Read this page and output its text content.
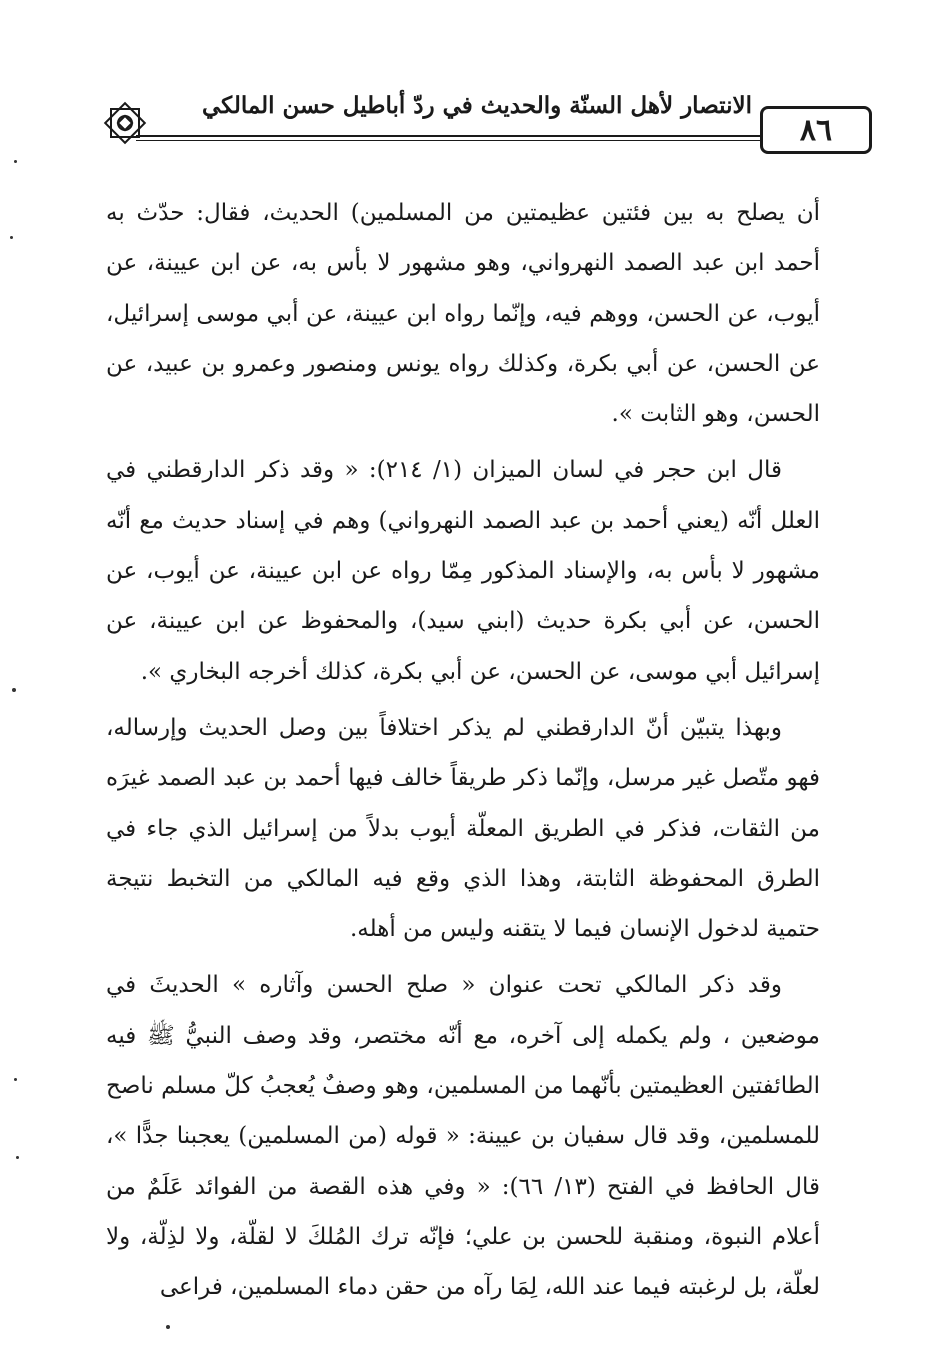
الانتصار لأهل السنّة والحديث في ردّ أباطيل حسن المالكي
٨٦

أن يصلح به بين فئتين عظيمتين من المسلمين) الحديث، فقال: حدّث به أحمد ابن عبد الصمد النهرواني، وهو مشهور لا بأس به، عن ابن عيينة، عن أيوب، عن الحسن، ووهم فيه، وإنّما رواه ابن عيينة، عن أبي موسى إسرائيل، عن الحسن، عن أبي بكرة، وكذلك رواه يونس ومنصور وعمرو بن عبيد، عن الحسن، وهو الثابت ».

قال ابن حجر في لسان الميزان (١/ ٢١٤): « وقد ذكر الدارقطني في العلل أنّه (يعني أحمد بن عبد الصمد النهرواني) وهم في إسناد حديث مع أنّه مشهور لا بأس به، والإسناد المذكور مِمّا رواه عن ابن عيينة، عن أيوب، عن الحسن، عن أبي بكرة حديث (ابني سيد)، والمحفوظ عن ابن عيينة، عن إسرائيل أبي موسى، عن الحسن، عن أبي بكرة، كذلك أخرجه البخاري ».

وبهذا يتبيّن أنّ الدارقطني لم يذكر اختلافاً بين وصل الحديث وإرساله، فهو متّصل غير مرسل، وإنّما ذكر طريقاً خالف فيها أحمد بن عبد الصمد غيرَه من الثقات، فذكر في الطريق المعلّة أيوب بدلاً من إسرائيل الذي جاء في الطرق المحفوظة الثابتة، وهذا الذي وقع فيه المالكي من التخبط نتيجة حتمية لدخول الإنسان فيما لا يتقنه وليس من أهله.

وقد ذكر المالكي تحت عنوان « صلح الحسن وآثاره » الحديثَ في موضعين ، ولم يكمله إلى آخره، مع أنّه مختصر، وقد وصف النبيُّ ﷺ فيه الطائفتين العظيمتين بأنّهما من المسلمين، وهو وصفٌ يُعجبُ كلّ مسلم ناصح للمسلمين، وقد قال سفيان بن عيينة: « قوله (من المسلمين) يعجبنا جدًّا »، قال الحافظ في الفتح (١٣/ ٦٦): « وفي هذه القصة من الفوائد عَلَمٌ من أعلام النبوة، ومنقبة للحسن بن علي؛ فإنّه ترك المُلكَ لا لقلّة، ولا لذِلّة، ولا لعلّة، بل لرغبته فيما عند الله، لِمَا رآه من حقن دماء المسلمين، فراعى
